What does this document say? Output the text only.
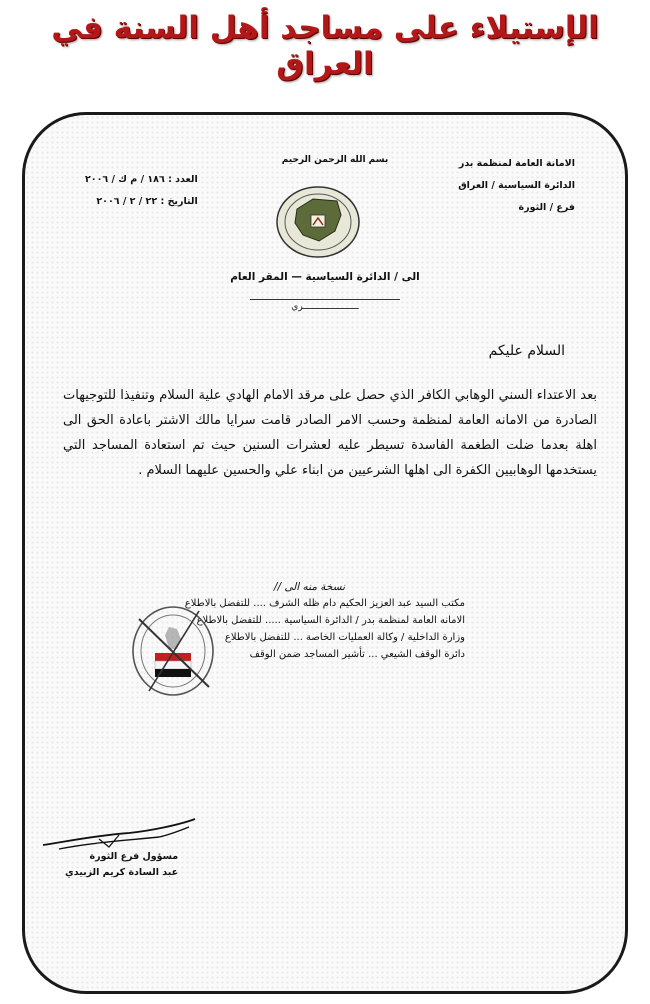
الإستيلاء على مساجد أهل السنة في العراق
الامانة العامة لمنظمة بدر
الدائرة السياسية / العراق
فرع / الثورة
بسم الله الرحمن الرحيم
العدد : ١٨٦ / م ك / ٢٠٠٦
التاريخ : ٢٢ / ٢ / ٢٠٠٦
الى / الدائرة السياسية — المقر العام
ـــــــــــــــــــــري
السلام عليكم
بعد الاعتداء السني الوهابي الكافر الذي حصل على مرقد الامام الهادي علية السلام وتنفيذا للتوجيهات الصادرة من الامانه العامة لمنظمة وحسب الامر الصادر قامت سرايا مالك الاشتر باعادة الحق الى اهلة بعدما ضلت الطغمة الفاسدة تسيطر عليه لعشرات السنين حيث تم استعادة المساجد التي يستخدمها الوهابيين الكفرة الى اهلها الشرعيين من ابناء علي والحسين عليهما السلام .
نسخة منه الى //
مكتب السيد عبد العزيز الحكيم دام ظله الشرف .... للتفضل بالاطلاع
الامانه العامة لمنظمة بدر / الدائرة السياسية ..... للتفضل بالاطلاع
وزارة الداخلية / وكالة العمليات الخاصة ... للتفضل بالاطلاع
دائرة الوقف الشيعي ... تأشير المساجد ضمن الوقف
مسؤول فرع الثورة
عبد السادة كريم الزبيدي
